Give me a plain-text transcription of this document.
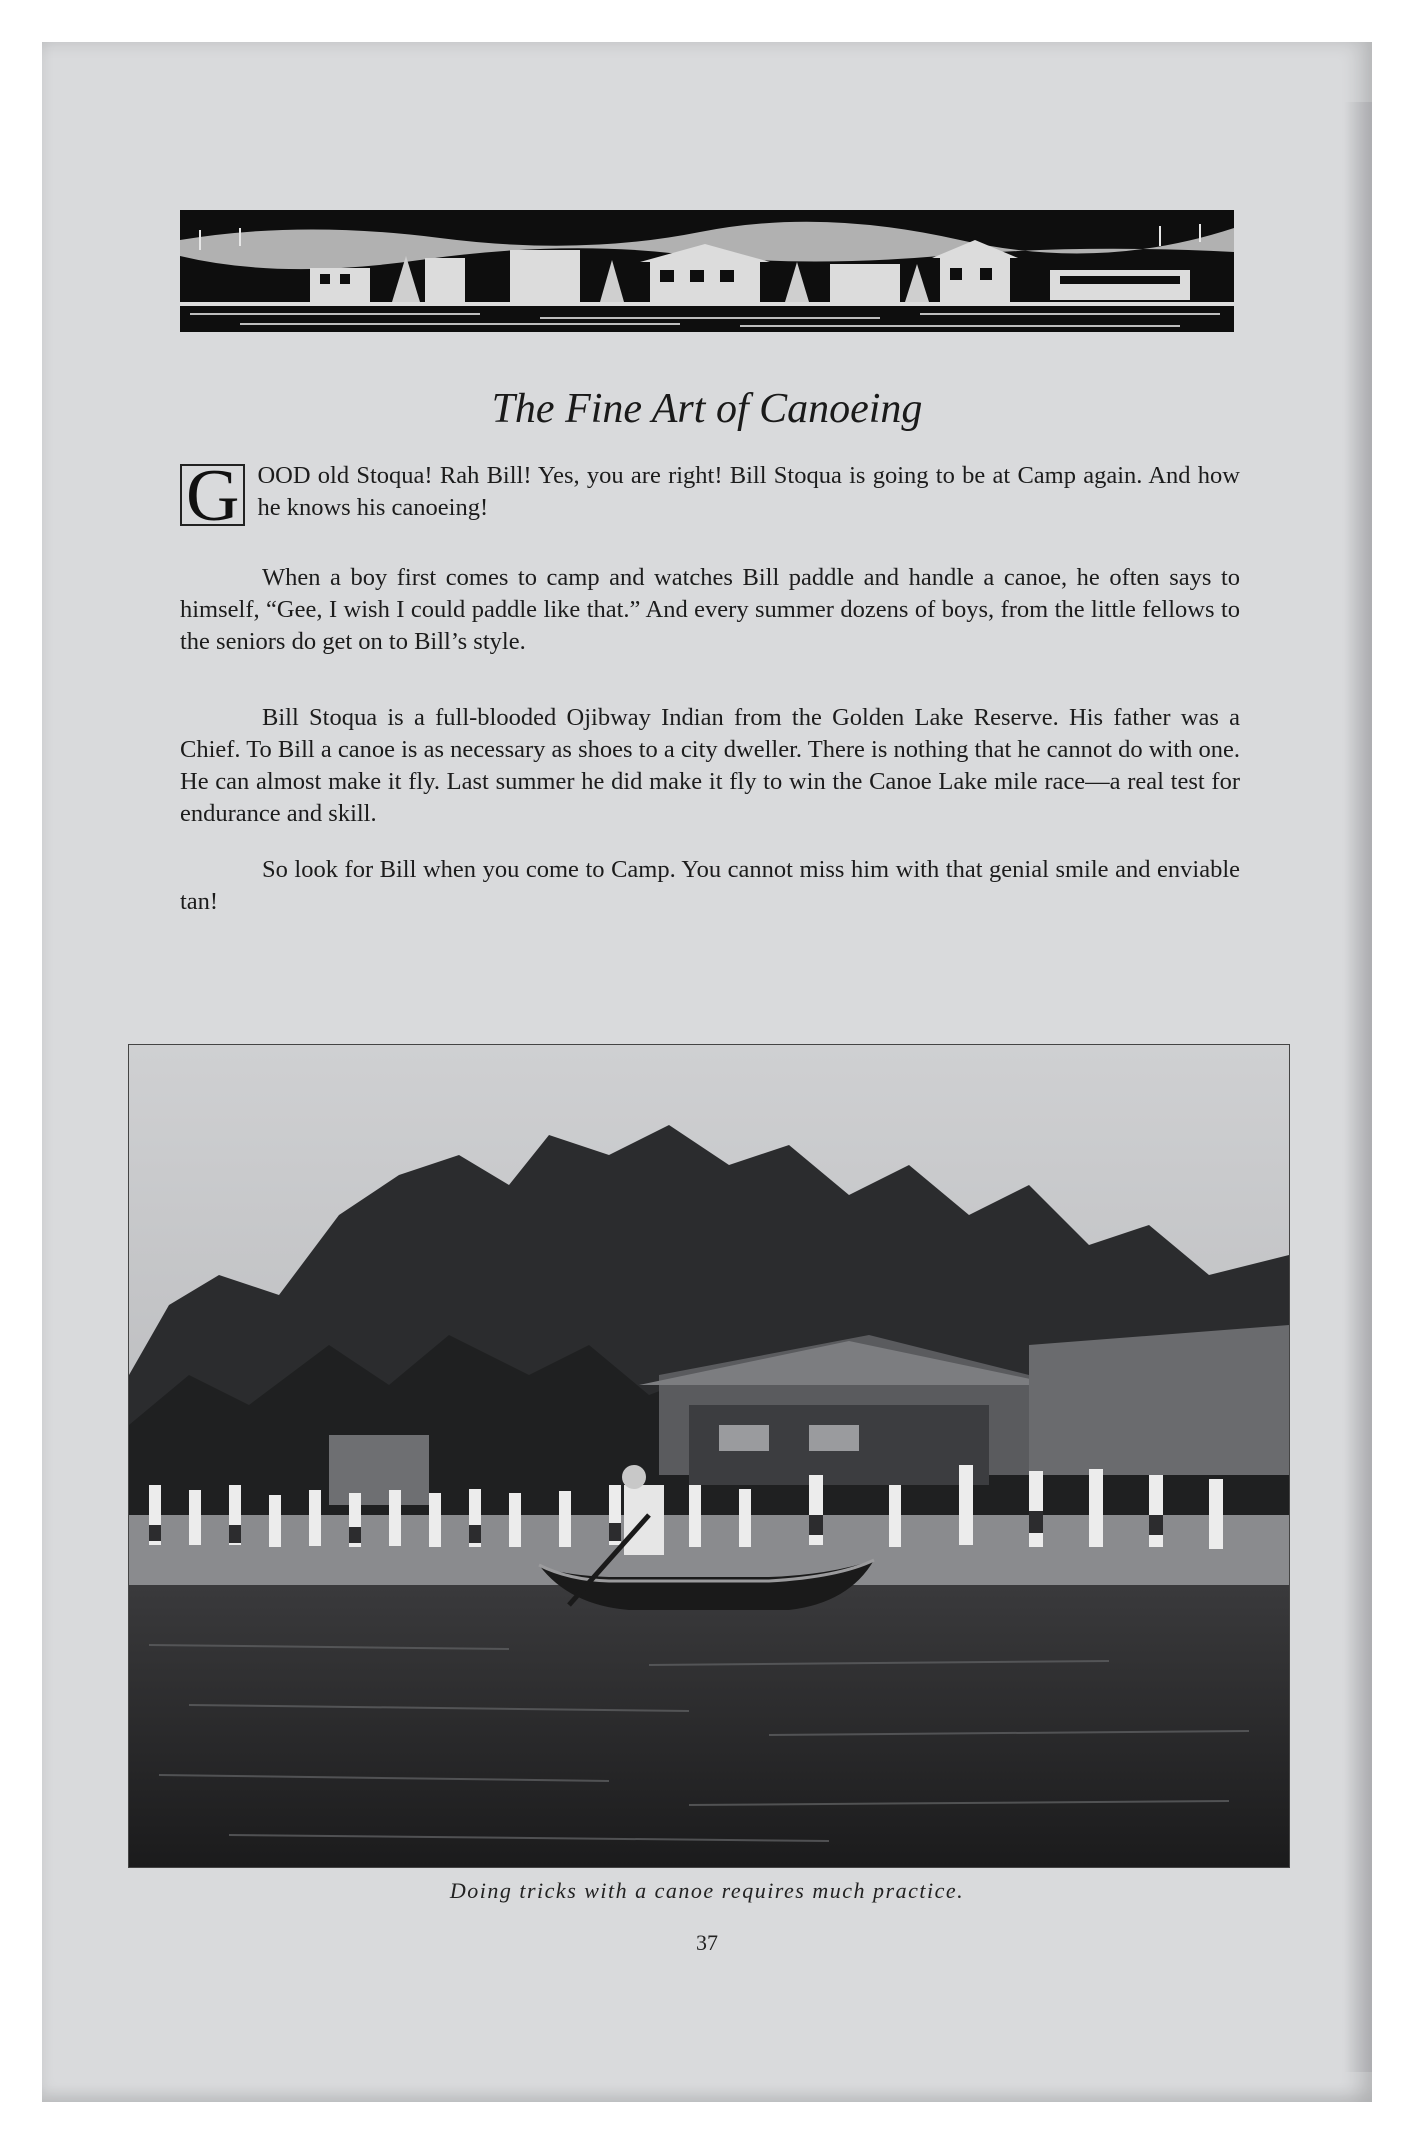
The Fine Art of Canoeing
G OOD old Stoqua! Rah Bill! Yes, you are right! Bill Stoqua is going to be at Camp again. And how he knows his canoeing!
When a boy first comes to camp and watches Bill paddle and handle a canoe, he often says to himself, “Gee, I wish I could paddle like that.” And every summer dozens of boys, from the little fellows to the seniors do get on to Bill’s style.
Bill Stoqua is a full-blooded Ojibway Indian from the Golden Lake Reserve. His father was a Chief. To Bill a canoe is as necessary as shoes to a city dweller. There is nothing that he cannot do with one. He can almost make it fly. Last summer he did make it fly to win the Canoe Lake mile race—a real test for endurance and skill.
So look for Bill when you come to Camp. You cannot miss him with that genial smile and enviable tan!
Doing tricks with a canoe requires much practice.
37
